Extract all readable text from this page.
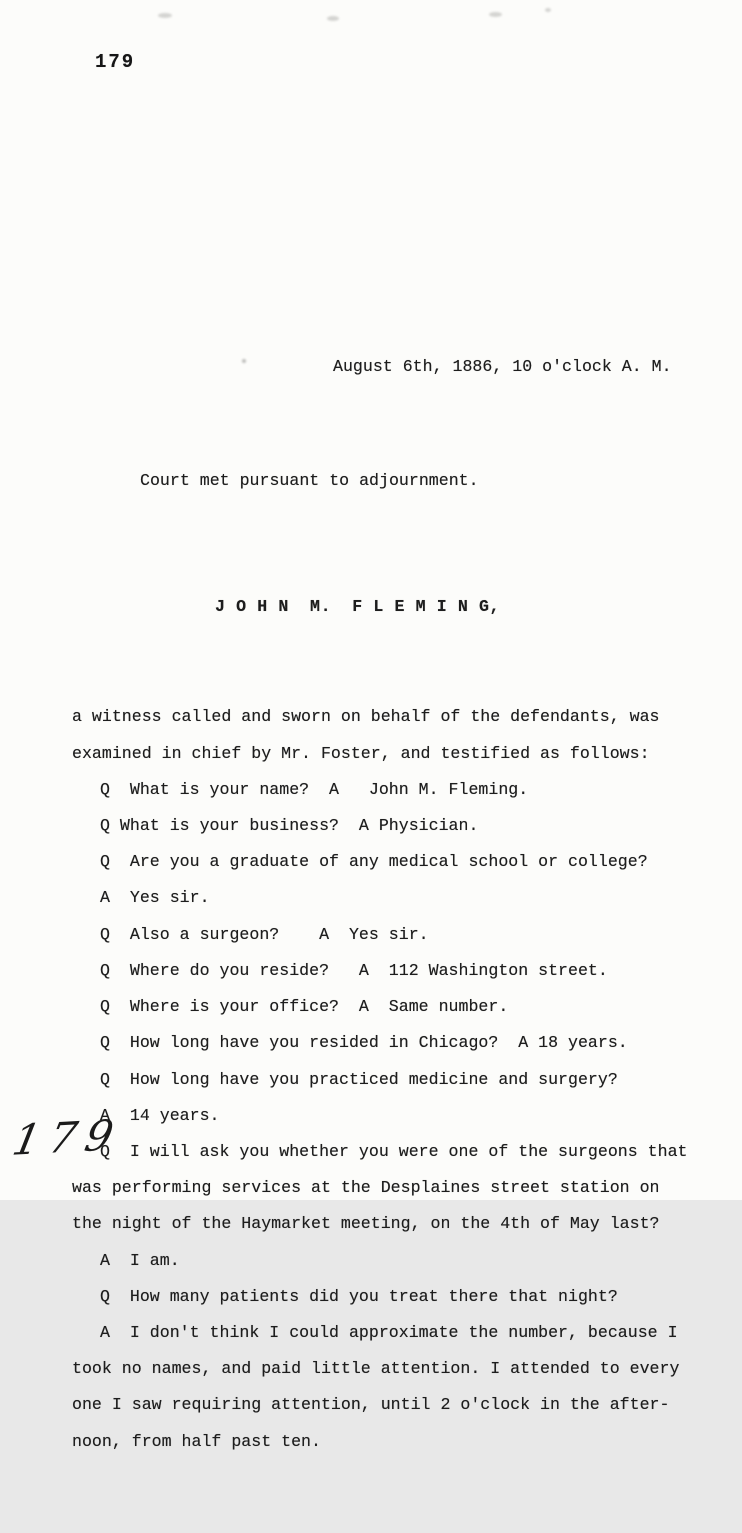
179

August 6th, 1886, 10 o'clock A. M.

Court met pursuant to adjournment.

J O H N  M.  F L E M I N G,

a witness called and sworn on behalf of the defendants, was
examined in chief by Mr. Foster, and testified as follows:
Q  What is your name?  A   John M. Fleming.
Q What is your business?  A Physician.
Q  Are you a graduate of any medical school or college?
A  Yes sir.
Q  Also a surgeon?    A  Yes sir.
Q  Where do you reside?   A  112 Washington street.
Q  Where is your office?  A  Same number.
Q  How long have you resided in Chicago?  A 18 years.
Q  How long have you practiced medicine and surgery?
A  14 years.
Q  I will ask you whether you were one of the surgeons that
was performing services at the Desplaines street station on
the night of the Haymarket meeting, on the 4th of May last?
A  I am.
Q  How many patients did you treat there that night?
A  I don't think I could approximate the number, because I
took no names, and paid little attention. I attended to every
one I saw requiring attention, until 2 o'clock in the after-
noon, from half past ten.

179
